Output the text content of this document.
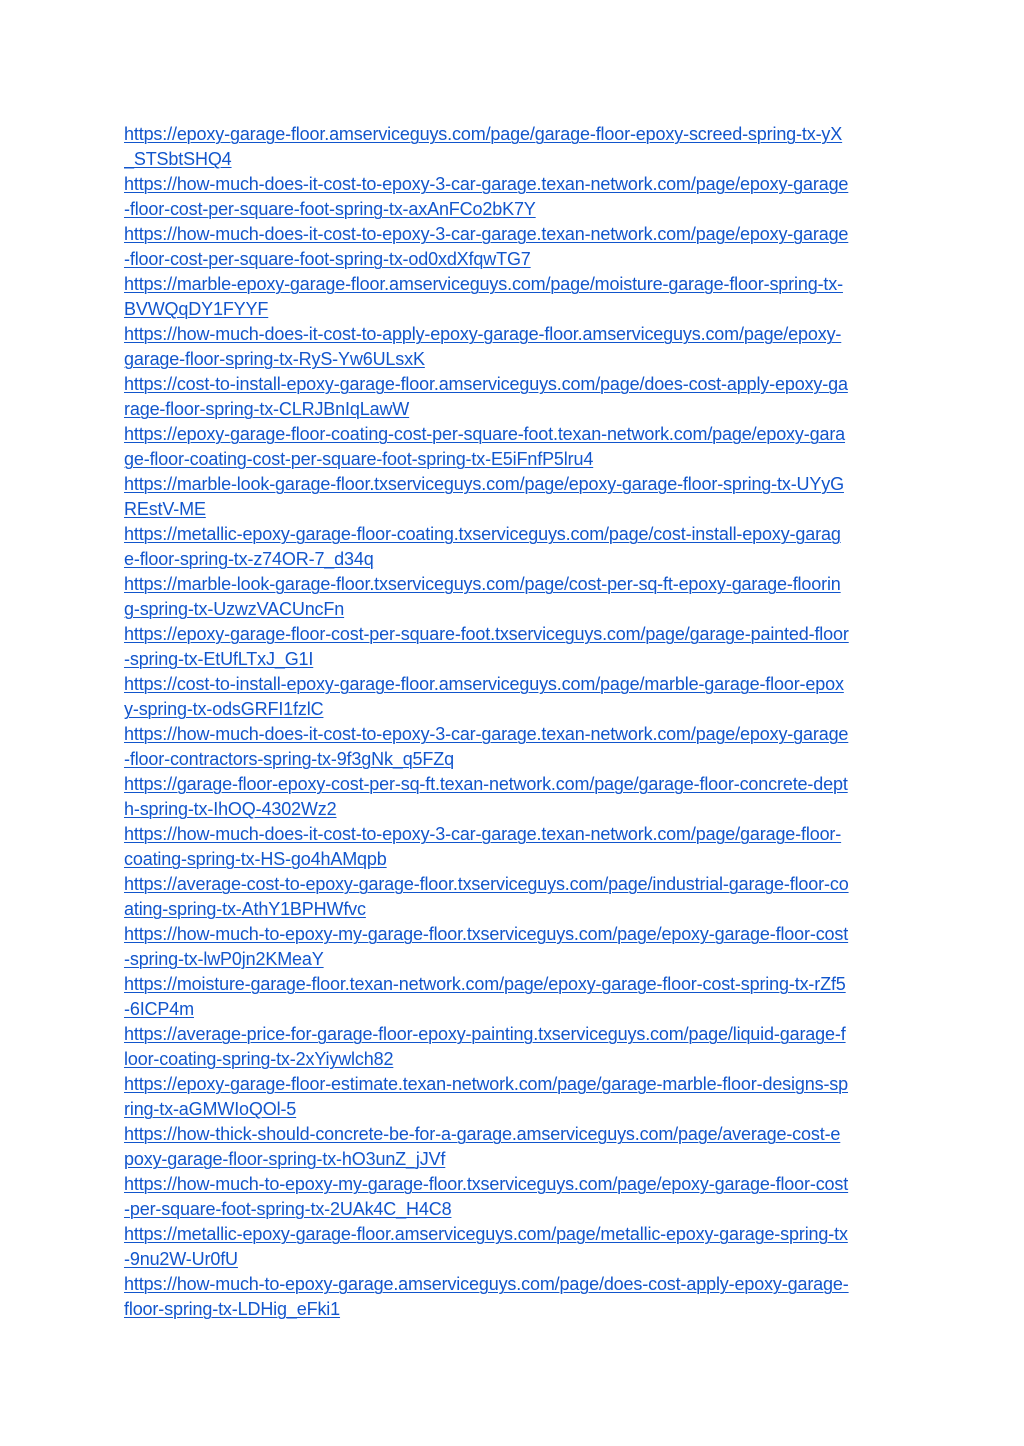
https://epoxy-garage-floor.amserviceguys.com/page/garage-floor-epoxy-screed-spring-tx-yX
_STSbtSHQ4
https://how-much-does-it-cost-to-epoxy-3-car-garage.texan-network.com/page/epoxy-garage
-floor-cost-per-square-foot-spring-tx-axAnFCo2bK7Y
https://how-much-does-it-cost-to-epoxy-3-car-garage.texan-network.com/page/epoxy-garage
-floor-cost-per-square-foot-spring-tx-od0xdXfqwTG7
https://marble-epoxy-garage-floor.amserviceguys.com/page/moisture-garage-floor-spring-tx-
BVWQqDY1FYYF
https://how-much-does-it-cost-to-apply-epoxy-garage-floor.amserviceguys.com/page/epoxy-
garage-floor-spring-tx-RyS-Yw6ULsxK
https://cost-to-install-epoxy-garage-floor.amserviceguys.com/page/does-cost-apply-epoxy-ga
rage-floor-spring-tx-CLRJBnIqLawW
https://epoxy-garage-floor-coating-cost-per-square-foot.texan-network.com/page/epoxy-gara
ge-floor-coating-cost-per-square-foot-spring-tx-E5iFnfP5lru4
https://marble-look-garage-floor.txserviceguys.com/page/epoxy-garage-floor-spring-tx-UYyG
REstV-ME
https://metallic-epoxy-garage-floor-coating.txserviceguys.com/page/cost-install-epoxy-garag
e-floor-spring-tx-z74OR-7_d34q
https://marble-look-garage-floor.txserviceguys.com/page/cost-per-sq-ft-epoxy-garage-floorin
g-spring-tx-UzwzVACUncFn
https://epoxy-garage-floor-cost-per-square-foot.txserviceguys.com/page/garage-painted-floor
-spring-tx-EtUfLTxJ_G1I
https://cost-to-install-epoxy-garage-floor.amserviceguys.com/page/marble-garage-floor-epox
y-spring-tx-odsGRFI1fzlC
https://how-much-does-it-cost-to-epoxy-3-car-garage.texan-network.com/page/epoxy-garage
-floor-contractors-spring-tx-9f3gNk_q5FZq
https://garage-floor-epoxy-cost-per-sq-ft.texan-network.com/page/garage-floor-concrete-dept
h-spring-tx-IhOQ-4302Wz2
https://how-much-does-it-cost-to-epoxy-3-car-garage.texan-network.com/page/garage-floor-
coating-spring-tx-HS-go4hAMqpb
https://average-cost-to-epoxy-garage-floor.txserviceguys.com/page/industrial-garage-floor-co
ating-spring-tx-AthY1BPHWfvc
https://how-much-to-epoxy-my-garage-floor.txserviceguys.com/page/epoxy-garage-floor-cost
-spring-tx-lwP0jn2KMeaY
https://moisture-garage-floor.texan-network.com/page/epoxy-garage-floor-cost-spring-tx-rZf5
-6ICP4m
https://average-price-for-garage-floor-epoxy-painting.txserviceguys.com/page/liquid-garage-f
loor-coating-spring-tx-2xYiywlch82
https://epoxy-garage-floor-estimate.texan-network.com/page/garage-marble-floor-designs-sp
ring-tx-aGMWIoQOl-5
https://how-thick-should-concrete-be-for-a-garage.amserviceguys.com/page/average-cost-e
poxy-garage-floor-spring-tx-hO3unZ_jJVf
https://how-much-to-epoxy-my-garage-floor.txserviceguys.com/page/epoxy-garage-floor-cost
-per-square-foot-spring-tx-2UAk4C_H4C8
https://metallic-epoxy-garage-floor.amserviceguys.com/page/metallic-epoxy-garage-spring-tx
-9nu2W-Ur0fU
https://how-much-to-epoxy-garage.amserviceguys.com/page/does-cost-apply-epoxy-garage-
floor-spring-tx-LDHig_eFki1
